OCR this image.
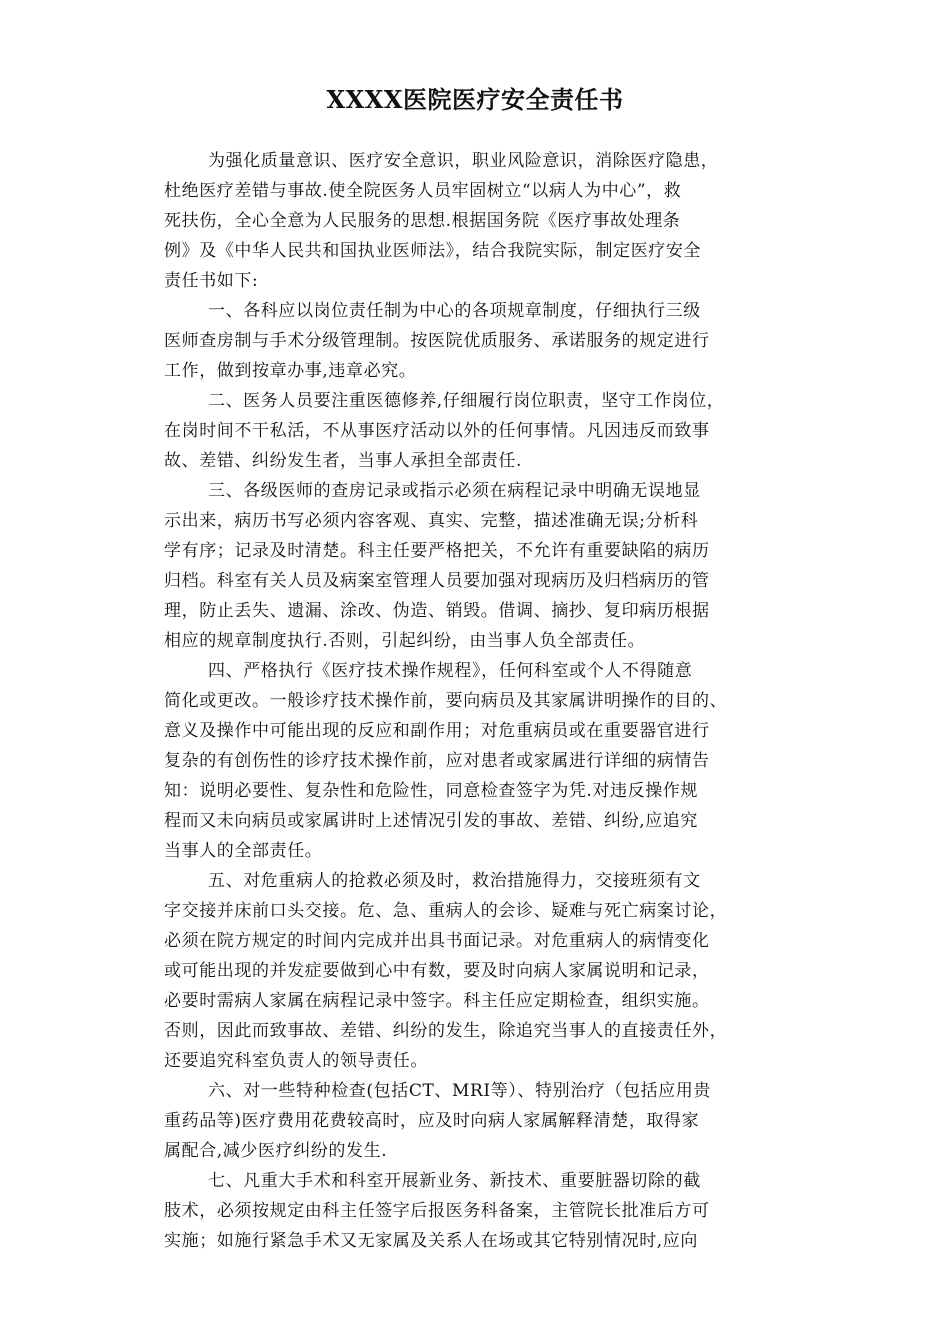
XXXX医院医疗安全责任书
为强化质量意识、医疗安全意识，职业风险意识，消除医疗隐患，
杜绝医疗差错与事故.使全院医务人员牢固树立“以病人为中心”，救
死扶伤，全心全意为人民服务的思想.根据国务院《医疗事故处理条
例》及《中华人民共和国执业医师法》，结合我院实际，制定医疗安全
责任书如下:
一、各科应以岗位责任制为中心的各项规章制度，仔细执行三级
医师查房制与手术分级管理制。按医院优质服务、承诺服务的规定进行
工作，做到按章办事,违章必究。
二、医务人员要注重医德修养,仔细履行岗位职责，坚守工作岗位，
在岗时间不干私活，不从事医疗活动以外的任何事情。凡因违反而致事
故、差错、纠纷发生者，当事人承担全部责任.
三、各级医师的查房记录或指示必须在病程记录中明确无误地显
示出来，病历书写必须内容客观、真实、完整，描述准确无误;分析科
学有序；记录及时清楚。科主任要严格把关，不允许有重要缺陷的病历
归档。科室有关人员及病案室管理人员要加强对现病历及归档病历的管
理，防止丢失、遗漏、涂改、伪造、销毁。借调、摘抄、复印病历根据
相应的规章制度执行.否则，引起纠纷，由当事人负全部责任。
四、严格执行《医疗技术操作规程》，任何科室或个人不得随意
简化或更改。一般诊疗技术操作前，要向病员及其家属讲明操作的目的、
意义及操作中可能出现的反应和副作用；对危重病员或在重要器官进行
复杂的有创伤性的诊疗技术操作前，应对患者或家属进行详细的病情告
知：说明必要性、复杂性和危险性，同意检查签字为凭.对违反操作规
程而又未向病员或家属讲时上述情况引发的事故、差错、纠纷,应追究
当事人的全部责任。
五、对危重病人的抢救必须及时，救治措施得力，交接班须有文
字交接并床前口头交接。危、急、重病人的会诊、疑难与死亡病案讨论，
必须在院方规定的时间内完成并出具书面记录。对危重病人的病情变化
或可能出现的并发症要做到心中有数，要及时向病人家属说明和记录，
必要时需病人家属在病程记录中签字。科主任应定期检查，组织实施。
否则，因此而致事故、差错、纠纷的发生，除追究当事人的直接责任外，
还要追究科室负责人的领导责任。
六、对一些特种检查(包括CT、MRI等）、特别治疗（包括应用贵
重药品等)医疗费用花费较高时，应及时向病人家属解释清楚，取得家
属配合,减少医疗纠纷的发生.
七、凡重大手术和科室开展新业务、新技术、重要脏器切除的截
肢术，必须按规定由科主任签字后报医务科备案，主管院长批准后方可
实施；如施行紧急手术又无家属及关系人在场或其它特别情况时,应向
